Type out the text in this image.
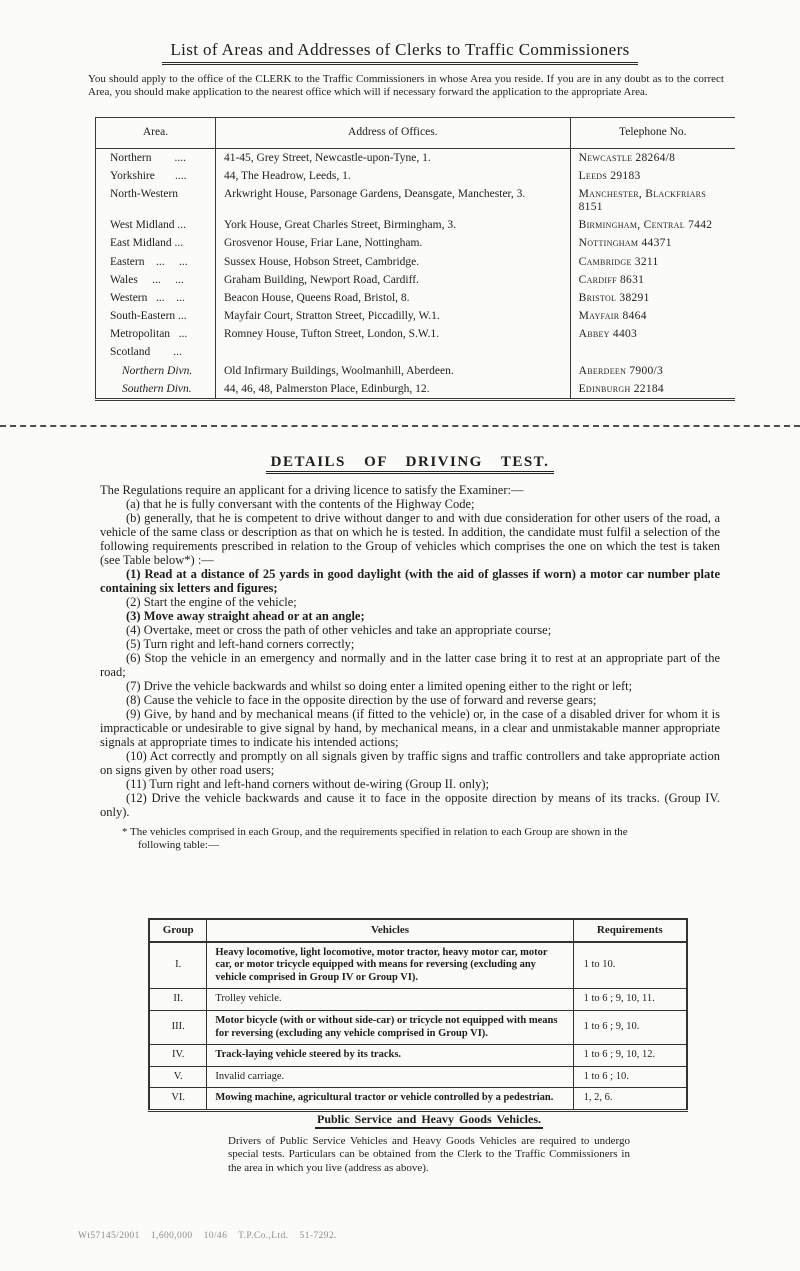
List of Areas and Addresses of Clerks to Traffic Commissioners
You should apply to the office of the CLERK to the Traffic Commissioners in whose Area you reside. If you are in any doubt as to the correct Area, you should make application to the nearest office which will if necessary forward the application to the appropriate Area.
Area.	Address of Offices.	Telephone No.
Northern        ....	41-45, Grey Street, Newcastle-upon-Tyne, 1.	Newcastle 28264/8
Yorkshire       ....	44, The Headrow, Leeds, 1.	Leeds 29183
North-Western	Arkwright House, Parsonage Gardens, Deansgate, Manchester, 3.	Manchester, Blackfriars 8151
West Midland ...	York House, Great Charles Street, Birmingham, 3.	Birmingham, Central 7442
East Midland ...	Grosvenor House, Friar Lane, Nottingham.	Nottingham 44371
Eastern    ...     ...	Sussex House, Hobson Street, Cambridge.	Cambridge 3211
Wales     ...     ...	Graham Building, Newport Road, Cardiff.	Cardiff 8631
Western   ...    ...	Beacon House, Queens Road, Bristol, 8.	Bristol 38291
South-Eastern ...	Mayfair Court, Stratton Street, Piccadilly, W.1.	Mayfair 8464
Metropolitan   ...	Romney House, Tufton Street, London, S.W.1.	Abbey 4403
Scotland        ...		
Northern Divn.	Old Infirmary Buildings, Woolmanhill, Aberdeen.	Aberdeen 7900/3
Southern Divn.	44, 46, 48, Palmerston Place, Edinburgh, 12.	Edinburgh 22184
DETAILS OF DRIVING TEST.

The Regulations require an applicant for a driving licence to satisfy the Examiner:—

(a) that he is fully conversant with the contents of the Highway Code;

(b) generally, that he is competent to drive without danger to and with due consideration for other users of the road, a vehicle of the same class or description as that on which he is tested. In addition, the candidate must fulfil a selection of the following requirements prescribed in relation to the Group of vehicles which comprises the one on which the test is taken (see Table below*) :—

(1) Read at a distance of 25 yards in good daylight (with the aid of glasses if worn) a motor car number plate containing six letters and figures;

(2) Start the engine of the vehicle;

(3) Move away straight ahead or at an angle;

(4) Overtake, meet or cross the path of other vehicles and take an appropriate course;

(5) Turn right and left-hand corners correctly;

(6) Stop the vehicle in an emergency and normally and in the latter case bring it to rest at an appropriate part of the road;

(7) Drive the vehicle backwards and whilst so doing enter a limited opening either to the right or left;

(8) Cause the vehicle to face in the opposite direction by the use of forward and reverse gears;

(9) Give, by hand and by mechanical means (if fitted to the vehicle) or, in the case of a disabled driver for whom it is impracticable or undesirable to give signal by hand, by mechanical means, in a clear and unmistakable manner appropriate signals at appropriate times to indicate his intended actions;

(10) Act correctly and promptly on all signals given by traffic signs and traffic controllers and take appropriate action on signs given by other road users;

(11) Turn right and left-hand corners without de-wiring (Group II. only);

(12) Drive the vehicle backwards and cause it to face in the opposite direction by means of its tracks. (Group IV. only).

* The vehicles comprised in each Group, and the requirements specified in relation to each Group are shown in the following table:—
Group	Vehicles	Requirements
I.	Heavy locomotive, light locomotive, motor tractor, heavy motor car, motor car, or motor tricycle equipped with means for reversing (excluding any vehicle comprised in Group IV or Group VI).	1 to 10.
II.	Trolley vehicle.	1 to 6 ; 9, 10, 11.
III.	Motor bicycle (with or without side-car) or tricycle not equipped with means for reversing (excluding any vehicle comprised in Group VI).	1 to 6 ; 9, 10.
IV.	Track-laying vehicle steered by its tracks.	1 to 6 ; 9, 10, 12.
V.	Invalid carriage.	1 to 6 ; 10.
VI.	Mowing machine, agricultural tractor or vehicle controlled by a pedestrian.	1, 2, 6.
Public Service and Heavy Goods Vehicles.

Drivers of Public Service Vehicles and Heavy Goods Vehicles are required to undergo special tests. Particulars can be obtained from the Clerk to the Traffic Commissioners in the area in which you live (address as above).

Wt57145/2001    1,600,000    10/46    T.P.Co.,Ltd.    51-7292.
